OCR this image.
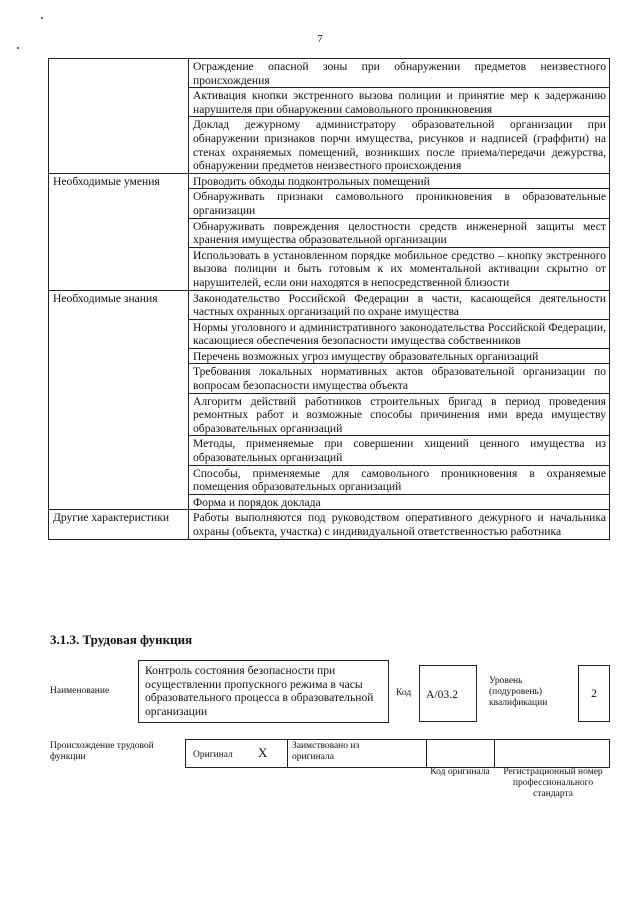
7
	Ограждение опасной зоны при обнаружении предметов неизвестного происхождения
	Активация кнопки экстренного вызова полиции и принятие мер к задержанию нарушителя при обнаружении самовольного проникновения
	Доклад дежурному администратору образовательной организации при обнаружении признаков порчи имущества, рисунков и надписей (граффити) на стенах охраняемых помещений, возникших после приема/передачи дежурства, обнаружении предметов неизвестного происхождения
Необходимые умения	Проводить обходы подконтрольных помещений
	Обнаруживать признаки самовольного проникновения в образовательные организации
	Обнаруживать повреждения целостности средств инженерной защиты мест хранения имущества образовательной организации
	Использовать в установленном порядке мобильное средство – кнопку экстренного вызова полиции и быть готовым к их моментальной активации скрытно от нарушителей, если они находятся в непосредственной близости
Необходимые знания	Законодательство Российской Федерации в части, касающейся деятельности частных охранных организаций по охране имущества
	Нормы уголовного и административного законодательства Российской Федерации, касающиеся обеспечения безопасности имущества собственников
	Перечень возможных угроз имуществу образовательных организаций
	Требования локальных нормативных актов образовательной организации по вопросам безопасности имущества объекта
	Алгоритм действий работников строительных бригад в период проведения ремонтных работ и возможные способы причинения ими вреда имуществу образовательных организаций
	Методы, применяемые при совершении хищений ценного имущества из образовательных организаций
	Способы, применяемые для самовольного проникновения в охраняемые помещения образовательных организаций
	Форма и порядок доклада
Другие характеристики	Работы выполняются под руководством оперативного дежурного и начальника охраны (объекта, участка) с индивидуальной ответственностью работника
3.1.3. Трудовая функция
Наименование
Контроль состояния безопасности при осуществлении пропускного режима в часы образовательного процесса в образовательной организации
Код	А/03.2
Уровень (подуровень) квалификации
2
Происхождение трудовой функции	Оригинал X	Заимствовано из оригинала
Код оригинала	Регистрационный номер профессионального стандарта
